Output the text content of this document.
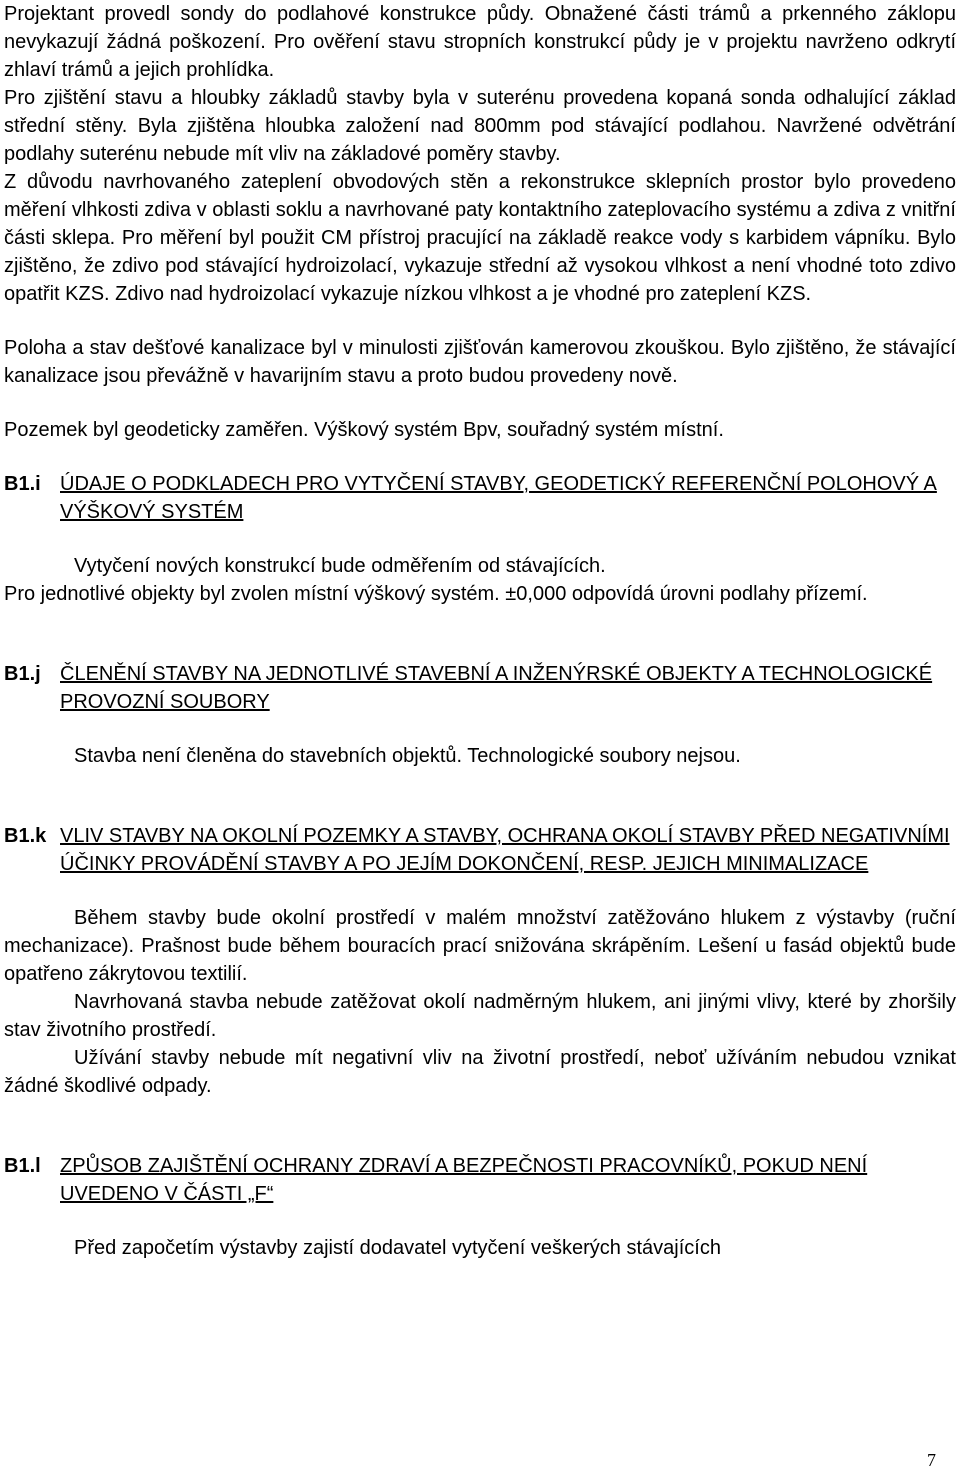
Projektant provedl sondy do podlahové konstrukce půdy. Obnažené části trámů a prkenného záklopu nevykazují žádná poškození. Pro ověření stavu stropních konstrukcí půdy je v projektu navrženo odkrytí zhlaví trámů a jejich prohlídka.

Pro zjištění stavu a hloubky základů stavby byla v suterénu provedena kopaná sonda odhalující základ střední stěny. Byla zjištěna hloubka založení nad 800mm pod stávající podlahou. Navržené odvětrání podlahy suterénu nebude mít vliv na základové poměry stavby.

Z důvodu navrhovaného zateplení obvodových stěn a rekonstrukce sklepních prostor bylo provedeno měření vlhkosti zdiva v oblasti soklu a navrhované paty kontaktního zateplovacího systému a zdiva z vnitřní části sklepa. Pro měření byl použit CM přístroj pracující na základě reakce vody s karbidem vápníku. Bylo zjištěno, že zdivo pod stávající hydroizolací, vykazuje střední až vysokou vlhkost a není vhodné toto zdivo opatřit KZS. Zdivo nad hydroizolací vykazuje nízkou vlhkost a je vhodné pro zateplení KZS.

Poloha a stav dešťové kanalizace byl v minulosti zjišťován kamerovou zkouškou. Bylo zjištěno, že stávající kanalizace jsou převážně v havarijním stavu a proto budou provedeny nově.

Pozemek byl geodeticky zaměřen. Výškový systém Bpv, souřadný systém místní.

B1.i ÚDAJE O PODKLADECH PRO VYTYČENÍ STAVBY, GEODETICKÝ REFERENČNÍ POLOHOVÝ A VÝŠKOVÝ SYSTÉM

Vytyčení nových konstrukcí bude odměřením od stávajících.

Pro jednotlivé objekty byl zvolen místní výškový systém. ±0,000 odpovídá úrovni podlahy přízemí.

B1.j ČLENĚNÍ STAVBY NA JEDNOTLIVÉ STAVEBNÍ A INŽENÝRSKÉ OBJEKTY A TECHNOLOGICKÉ PROVOZNÍ SOUBORY

Stavba není členěna do stavebních objektů. Technologické soubory nejsou.

B1.k VLIV STAVBY NA OKOLNÍ POZEMKY A STAVBY, OCHRANA OKOLÍ STAVBY PŘED NEGATIVNÍMI ÚČINKY PROVÁDĚNÍ STAVBY A PO JEJÍM DOKONČENÍ, RESP. JEJICH MINIMALIZACE

Během stavby bude okolní prostředí v malém množství zatěžováno hlukem z výstavby (ruční mechanizace). Prašnost bude během bouracích prací snižována skrápěním. Lešení u fasád objektů bude opatřeno zákrytovou textilií.

Navrhovaná stavba nebude zatěžovat okolí nadměrným hlukem, ani jinými vlivy, které by zhoršily stav životního prostředí.

Užívání stavby nebude mít negativní vliv na životní prostředí, neboť užíváním nebudou vznikat žádné škodlivé odpady.

B1.l ZPŮSOB ZAJIŠTĚNÍ OCHRANY ZDRAVÍ A BEZPEČNOSTI PRACOVNÍKŮ, POKUD NENÍ UVEDENO V ČÁSTI „F“

Před započetím výstavby zajistí dodavatel vytyčení veškerých stávajících

7
